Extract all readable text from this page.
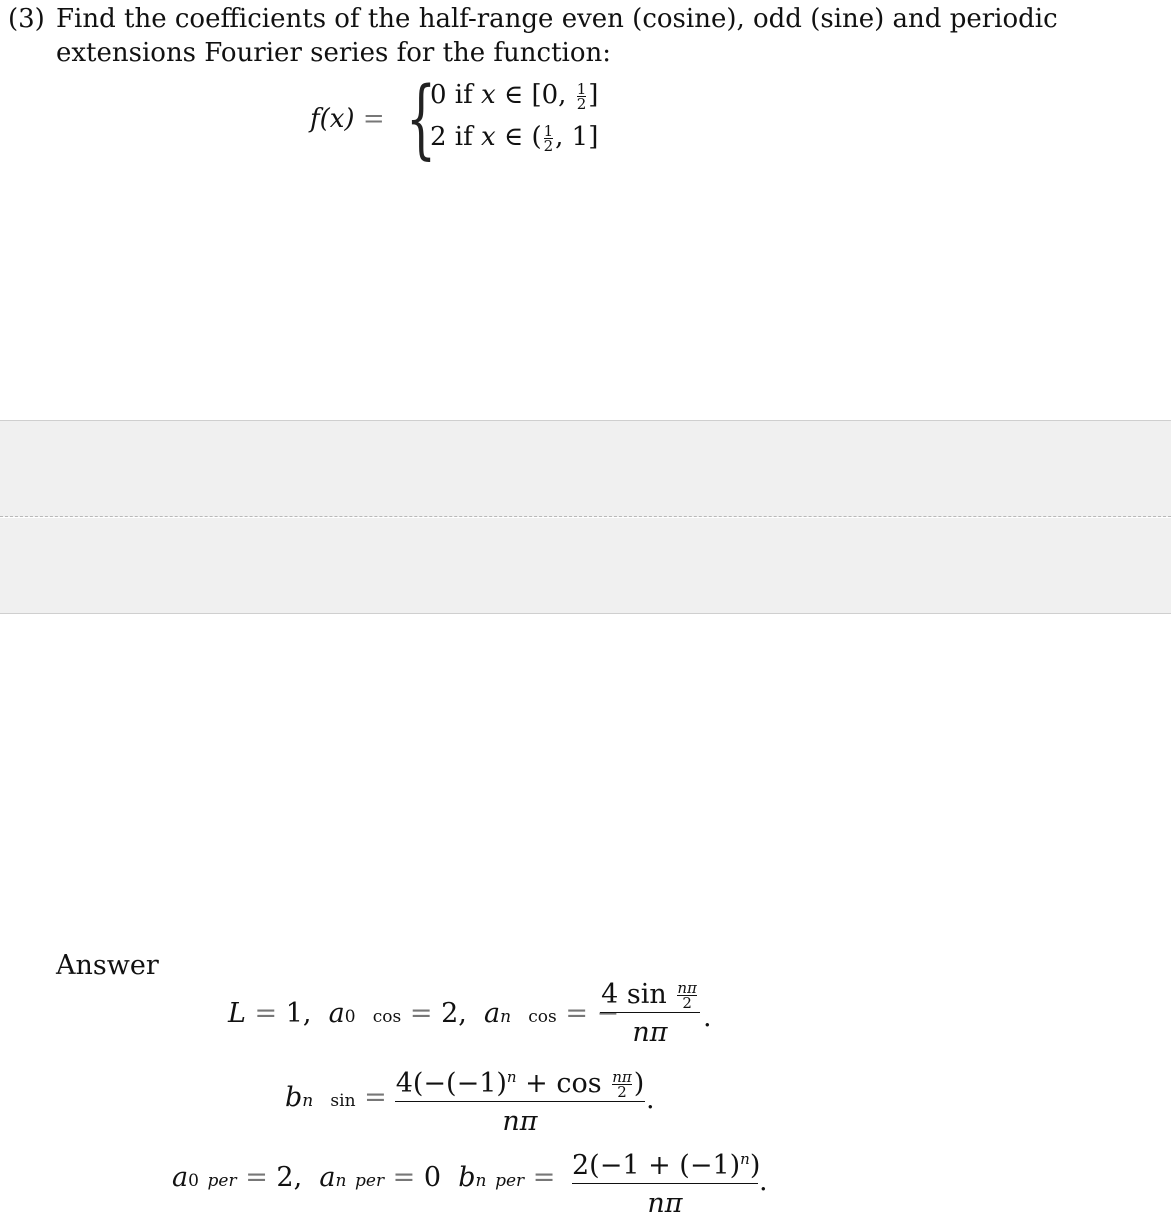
(3) Find the coefficients of the half-range even (cosine), odd (sine) and periodic
extensions Fourier series for the function:
f(x) = {
0 if x ∈ [0, $\frac{1}{2}$ ]
2 if x ∈ ( $\frac{1}{2}$ , 1]
Answer
L = 1,  a0 cos = 2,  an cos = −
4 $\sin \frac{n\pi}{2}$
nπ	.
bn $\sin = 4(-(-1)^n + \cos \frac{n\pi}{2}$ )
nπ
.
a0 per = 2,  an per = 0  bn per = $2(-1 + (-1)^n)$
nπ
.
